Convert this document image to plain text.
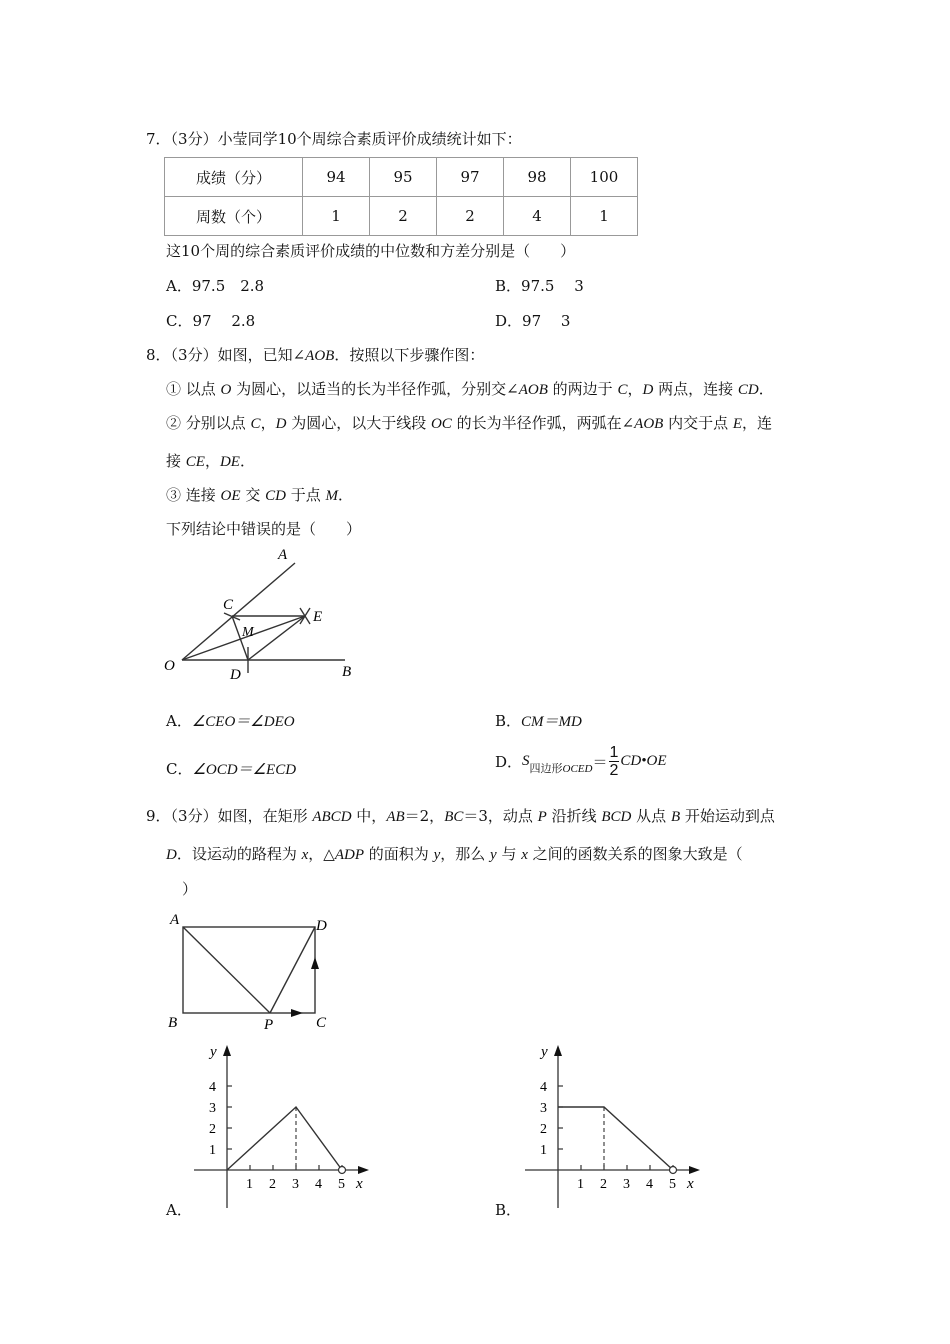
7．（3分）小莹同学10个周综合素质评价成绩统计如下：
成绩（分）	94	95	97	98	100
周数（个）	1	2	2	4	1
这10个周的综合素质评价成绩的中位数和方差分别是（　　）
A．97.5　2.8	B．97.5　 3
C．97　 2.8	D．97　 3
8．（3分）如图，已知∠AOB．按照以下步骤作图：
① 以点 O 为圆心，以适当的长为半径作弧，分别交∠AOB 的两边于 C，D 两点，连接 CD．
② 分别以点 C，D 为圆心，以大于线段 OC 的长为半径作弧，两弧在∠AOB 内交于点 E，连
接 CE，DE．
③ 连接 OE 交 CD 于点 M．
下列结论中错误的是（　　）
A
C
E
M
O
D	B
A．∠CEO＝∠DEO	B．CM＝MD
C．∠OCD＝∠ECD	D．$S_{四边形OCED}= \frac{1}{2}$ CD•OE
9．（3分）如图，在矩形 ABCD 中，AB＝2，BC＝3，动点 P 沿折线 BCD 从点 B 开始运动到点
D．设运动的路程为 x，△ADP 的面积为 y，那么 y 与 x 之间的函数关系的图象大致是（
）
A	D
B	P	C
y
x
1 2 3 4 5
1
2
3
4
y
x
1 2 3 4 5
1
2
3
4
A．	B．
